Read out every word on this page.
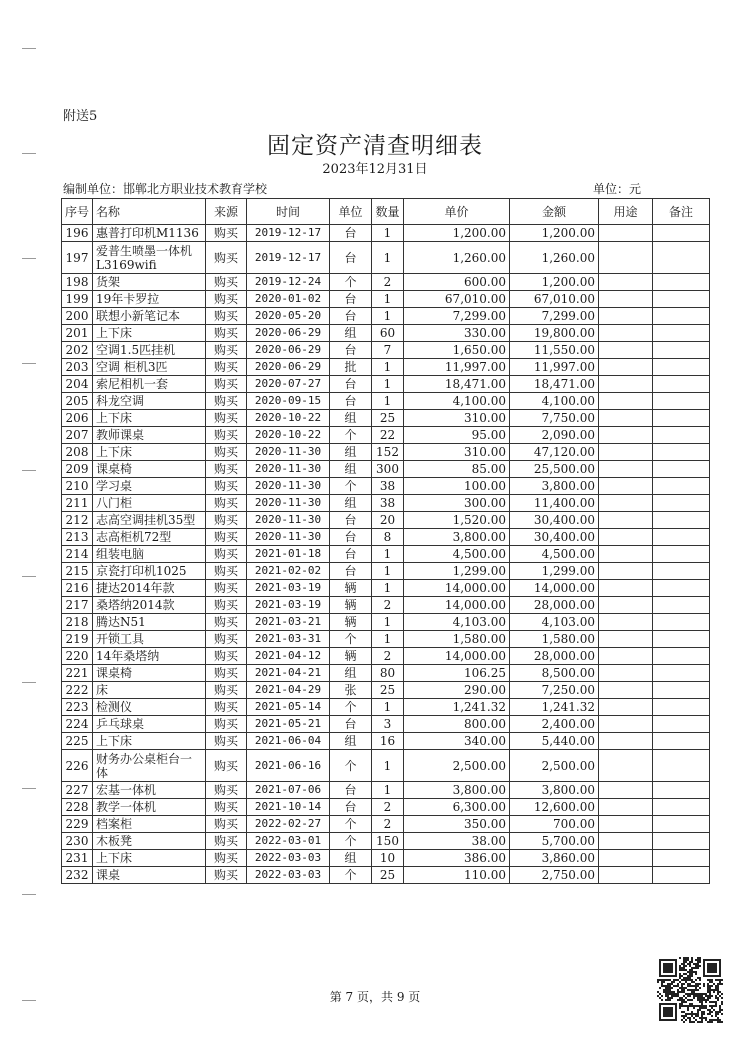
附送5
固定资产清查明细表
2023年12月31日
编制单位：邯郸北方职业技术教育学校	单位：元
序号	名称	来源	时间	单位	数量	单价	金额	用途	备注
196	惠普打印机M1136	购买	2019-12-17	台	1	1,200.00	1,200.00		
197	爱普生喷墨一体机L3169wifi	购买	2019-12-17	台	1	1,260.00	1,260.00		
198	货架	购买	2019-12-24	个	2	600.00	1,200.00		
199	19年卡罗拉	购买	2020-01-02	台	1	67,010.00	67,010.00		
200	联想小新笔记本	购买	2020-05-20	台	1	7,299.00	7,299.00		
201	上下床	购买	2020-06-29	组	60	330.00	19,800.00		
202	空调1.5匹挂机	购买	2020-06-29	台	7	1,650.00	11,550.00		
203	空调 柜机3匹	购买	2020-06-29	批	1	11,997.00	11,997.00		
204	索尼相机一套	购买	2020-07-27	台	1	18,471.00	18,471.00		
205	科龙空调	购买	2020-09-15	台	1	4,100.00	4,100.00		
206	上下床	购买	2020-10-22	组	25	310.00	7,750.00		
207	教师课桌	购买	2020-10-22	个	22	95.00	2,090.00		
208	上下床	购买	2020-11-30	组	152	310.00	47,120.00		
209	课桌椅	购买	2020-11-30	组	300	85.00	25,500.00		
210	学习桌	购买	2020-11-30	个	38	100.00	3,800.00		
211	八门柜	购买	2020-11-30	组	38	300.00	11,400.00		
212	志高空调挂机35型	购买	2020-11-30	台	20	1,520.00	30,400.00		
213	志高柜机72型	购买	2020-11-30	台	8	3,800.00	30,400.00		
214	组装电脑	购买	2021-01-18	台	1	4,500.00	4,500.00		
215	京瓷打印机1025	购买	2021-02-02	台	1	1,299.00	1,299.00		
216	捷达2014年款	购买	2021-03-19	辆	1	14,000.00	14,000.00		
217	桑塔纳2014款	购买	2021-03-19	辆	2	14,000.00	28,000.00		
218	腾达N51	购买	2021-03-21	辆	1	4,103.00	4,103.00		
219	开锁工具	购买	2021-03-31	个	1	1,580.00	1,580.00		
220	14年桑塔纳	购买	2021-04-12	辆	2	14,000.00	28,000.00		
221	课桌椅	购买	2021-04-21	组	80	106.25	8,500.00		
222	床	购买	2021-04-29	张	25	290.00	7,250.00		
223	检测仪	购买	2021-05-14	个	1	1,241.32	1,241.32		
224	乒乓球桌	购买	2021-05-21	台	3	800.00	2,400.00		
225	上下床	购买	2021-06-04	组	16	340.00	5,440.00		
226	财务办公桌柜台一体	购买	2021-06-16	个	1	2,500.00	2,500.00		
227	宏基一体机	购买	2021-07-06	台	1	3,800.00	3,800.00		
228	教学一体机	购买	2021-10-14	台	2	6,300.00	12,600.00		
229	档案柜	购买	2022-02-27	个	2	350.00	700.00		
230	木板凳	购买	2022-03-01	个	150	38.00	5,700.00		
231	上下床	购买	2022-03-03	组	10	386.00	3,860.00		
232	课桌	购买	2022-03-03	个	25	110.00	2,750.00		
第 7 页，共 9 页
